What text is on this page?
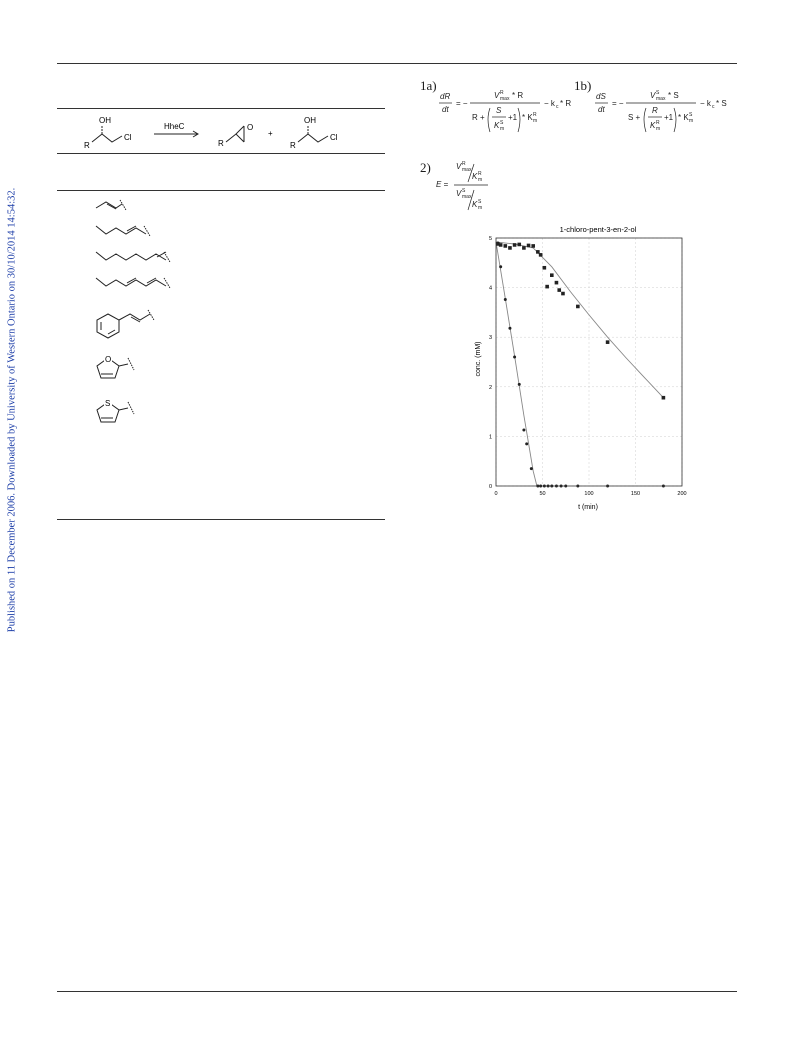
Published on 11 December 2006. Downloaded by University of Western Ontario on 30/10/2014 14:54:32.
OH
R
Cl
HheC
R
O
+
OH
R
Cl
O
S
1a)
dR
dt
= −
V R
max * R
R +
S
K S
m
+1 * K R
m
− k c * R
1b)
dS
dt
= −
V S
max * S
S +
R
K R
m
+1 * K S
m
− k c * S
2)
E =
V R
max
K R
m
V S
max
K S
m
1-chloro-pent-3-en-2-ol
conc. (mM)
t (min)
0	50	100	150	200
0
1
2
3
4
5
